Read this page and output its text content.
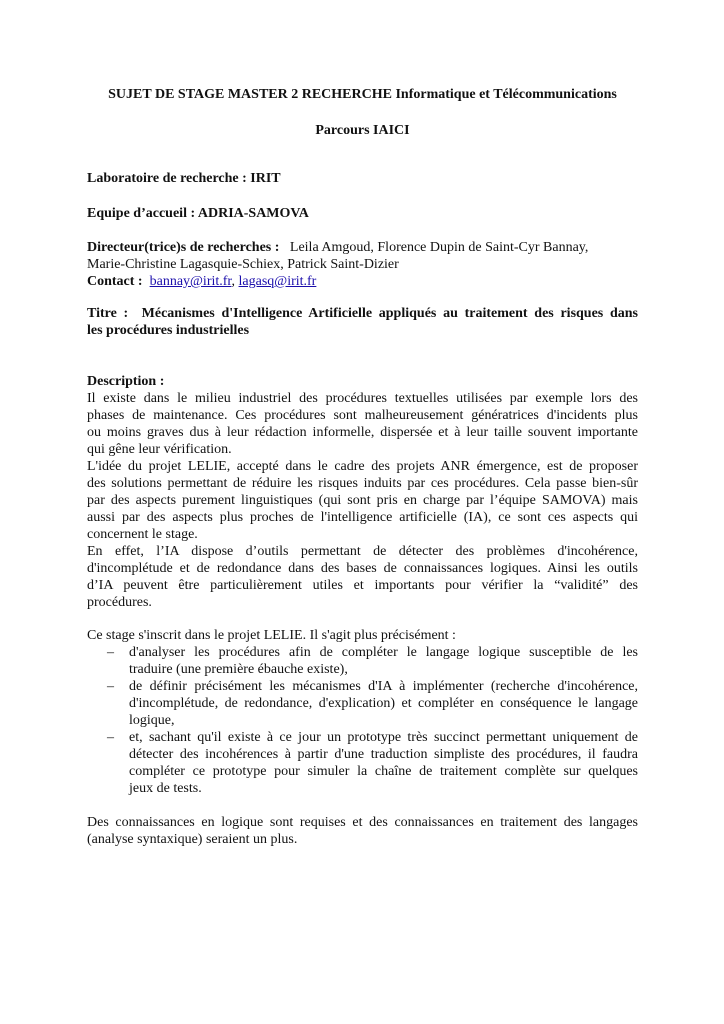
SUJET DE STAGE MASTER 2 RECHERCHE Informatique et Télécommunications
Parcours IAICI
Laboratoire de recherche : IRIT
Equipe d’accueil : ADRIA-SAMOVA
Directeur(trice)s de recherches : Leila Amgoud, Florence Dupin de Saint-Cyr Bannay,
Marie-Christine Lagasquie-Schiex, Patrick Saint-Dizier
Contact : bannay@irit.fr, lagasq@irit.fr
Titre : Mécanismes d'Intelligence Artificielle appliqués au traitement des risques dans
les procédures industrielles
Description :
Il existe dans le milieu industriel des procédures textuelles utilisées par exemple lors des
phases de maintenance. Ces procédures sont malheureusement génératrices d'incidents plus
ou moins graves dus à leur rédaction informelle, dispersée et à leur taille souvent importante
qui gêne leur vérification.
L'idée du projet LELIE, accepté dans le cadre des projets ANR émergence, est de proposer
des solutions permettant de réduire les risques induits par ces procédures. Cela passe bien-sûr
par des aspects purement linguistiques (qui sont pris en charge par l’équipe SAMOVA) mais
aussi par des aspects plus proches de l'intelligence artificielle (IA), ce sont ces aspects qui
concernent le stage.
En effet, l’IA dispose d’outils permettant de détecter des problèmes d'incohérence,
d'incomplétude et de redondance dans des bases de connaissances logiques. Ainsi les outils
d’IA peuvent être particulièrement utiles et importants pour vérifier la “validité” des
procédures.
Ce stage s'inscrit dans le projet LELIE. Il s'agit plus précisément :
– d'analyser les procédures afin de compléter le langage logique susceptible de les
traduire (une première ébauche existe),
– de définir précisément les mécanismes d'IA à implémenter (recherche d'incohérence,
d'incomplétude, de redondance, d'explication) et compléter en conséquence le langage
logique,
– et, sachant qu'il existe à ce jour un prototype très succinct permettant uniquement de
détecter des incohérences à partir d'une traduction simpliste des procédures, il faudra
compléter ce prototype pour simuler la chaîne de traitement complète sur quelques
jeux de tests.
Des connaissances en logique sont requises et des connaissances en traitement des langages
(analyse syntaxique) seraient un plus.
